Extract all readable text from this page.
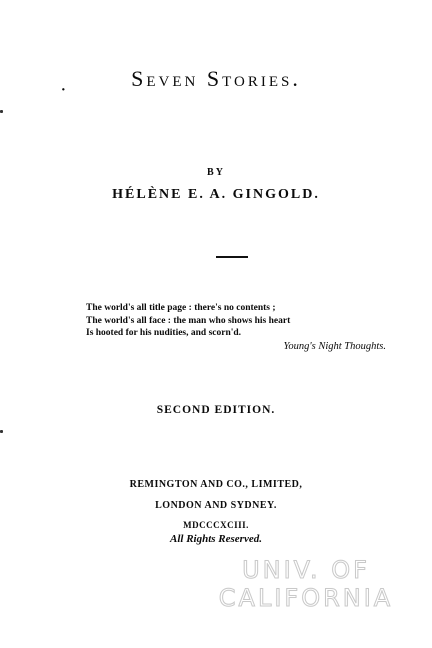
·	Seven Stories.
BY
HÉLÈNE E. A. GINGOLD.
The world's all title page : there's no contents ;
The world's all face : the man who shows his heart
Is hooted for his nudities, and scorn'd.
Young's Night Thoughts.
SECOND EDITION.
REMINGTON AND CO., LIMITED,
LONDON AND SYDNEY.
MDCCCXCIII.
All Rights Reserved.
UNIV. OF
CALIFORNIA
